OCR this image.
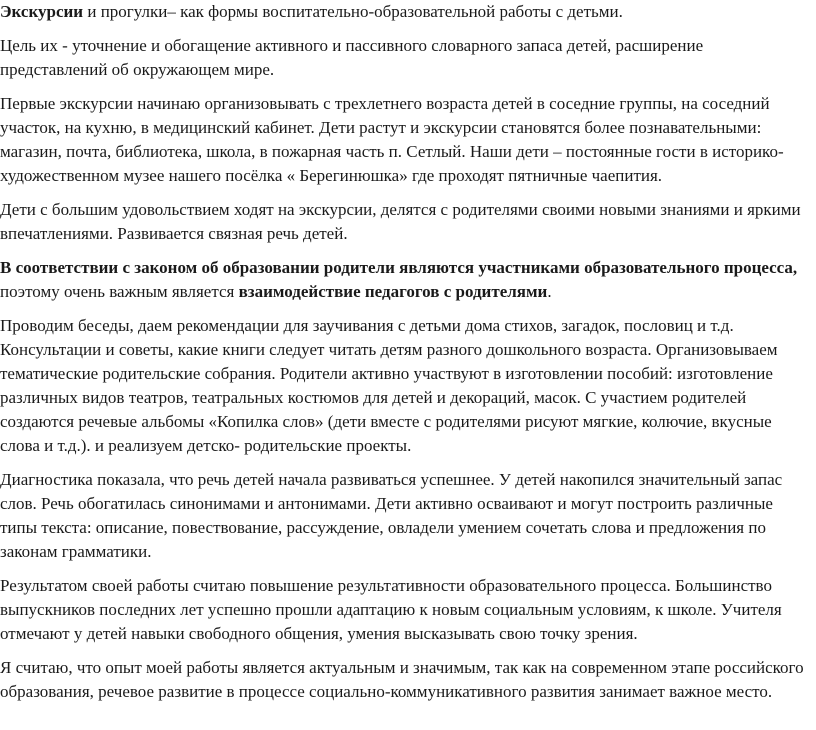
Экскурсии и прогулки– как формы воспитательно-образовательной работы с детьми.

Цель их - уточнение и обогащение активного и пассивного словарного запаса детей, расширение представлений об окружающем мире.

Первые экскурсии начинаю организовывать с трехлетнего возраста детей в соседние группы, на соседний участок, на кухню, в медицинский кабинет. Дети растут и экскурсии становятся более познавательными: магазин, почта, библиотека, школа, в пожарная часть п. Сетлый. Наши дети – постоянные гости в историко-художественном музее нашего посёлка « Берегинюшка» где проходят пятничные чаепития.

Дети с большим удовольствием ходят на экскурсии, делятся с родителями своими новыми знаниями и яркими впечатлениями. Развивается связная речь детей.

В соответствии с законом об образовании родители являются участниками образовательного процесса, поэтому очень важным является взаимодействие педагогов с родителями.

Проводим беседы, даем рекомендации для заучивания с детьми дома стихов, загадок, пословиц и т.д. Консультации и советы, какие книги следует читать детям разного дошкольного возраста. Организовываем тематические родительские собрания. Родители активно участвуют в изготовлении пособий: изготовление различных видов театров, театральных костюмов для детей и декораций, масок. С участием родителей создаются речевые альбомы «Копилка слов» (дети вместе с родителями рисуют мягкие, колючие, вкусные слова и т.д.). и реализуем детско- родительские проекты.

Диагностика показала, что речь детей начала развиваться успешнее. У детей накопился значительный запас слов. Речь обогатилась синонимами и антонимами. Дети активно осваивают и могут построить различные типы текста: описание, повествование, рассуждение, овладели умением сочетать слова и предложения по законам грамматики.

Результатом своей работы считаю повышение результативности образовательного процесса. Большинство выпускников последних лет успешно прошли адаптацию к новым социальным условиям, к школе. Учителя отмечают у детей навыки свободного общения, умения высказывать свою точку зрения.

Я считаю, что опыт моей работы является актуальным и значимым, так как на современном этапе российского образования, речевое развитие в процессе социально-коммуникативного развития занимает важное место.
